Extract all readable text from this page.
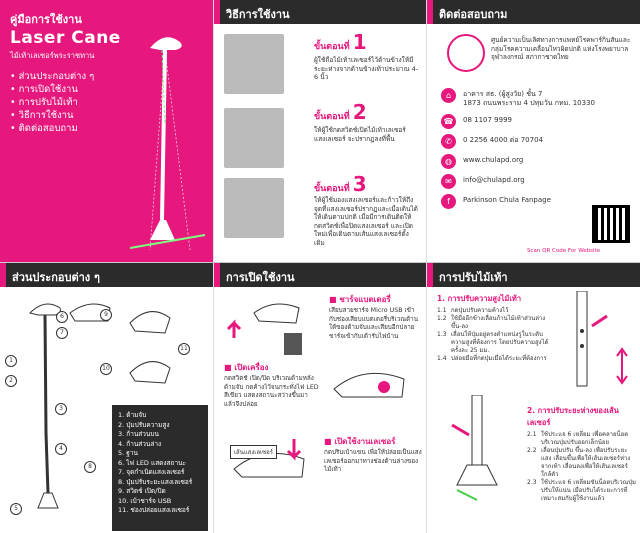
คู่มือการใช้งาน
Laser Cane
ไม้เท้าเลเซอร์พระราชทาน
• ส่วนประกอบต่าง ๆ
• การเปิดใช้งาน
• การปรับไม้เท้า
• วิธีการใช้งาน
• ติดต่อสอบถาม
วิธีการใช้งาน
ขั้นตอนที่ 1
ผู้ใช้ถือไม้เท้าเลเซอร์ไว้ด้านข้างให้มีระยะห่างจากด้านข้างเท้าประมาณ 4-6 นิ้ว
ขั้นตอนที่ 2
ให้ผู้ใช้กดสวิตช์เปิดไม้เท้าเลเซอร์ แสงเลเซอร์ จะปรากฏลงที่พื้น
ขั้นตอนที่ 3
ให้ผู้ใช้มองแสงเลเซอร์และก้าวให้ถึงจุดที่แสงเลเซอร์ปรากฏและเมื่อเดินได้ ให้เดินตามปกติ เมื่อมีการเดินติดให้กดสวิตช์เพื่อปิดแสงเลเซอร์ และเปิดใหม่เพื่อเดินตามเส้นแสงเลเซอร์ตั้งเดิม
ติดต่อสอบถาม
ศูนย์ความเป็นเลิศทางการแพทย์โรคพาร์กินสันและกลุ่มโรคความเคลื่อนไหวผิดปกติ แห่งโรงพยาบาลจุฬาลงกรณ์ สภากาชาดไทย
⌂	อาคาร สธ. (ผู้สูงวัย) ชั้น 7
1873 ถนนพระราม 4 ปทุมวัน กทม. 10330
☎	08 1107 9999
✆	0 2256 4000 ต่อ 70704
◍	www.chulapd.org
✉	info@chulapd.org
f	Parkinson Chula Fanpage
Scan QR Code For Website
ส่วนประกอบต่าง ๆ
6
7
9
10
11
1
2
3
4
8
5
1. ด้ามจับ
2. ปุ่มปรับความสูง
3. ก้านส่วนบน
4. ก้านส่วนล่าง
5. ฐาน
6. ไฟ LED แสดงสถานะ
7. จุดกำเนิดแสงเลเซอร์
8. ปุ่มปรับระยะแสงเลเซอร์
9. สวิตช์ เปิด/ปิด
10. เบ้าชาร์จ USB
11. ช่องปล่อยแสงเลเซอร์
การเปิดใช้งาน
■ ชาร์จแบตเตอรี่
เสียบสายชาร์จ Micro USB เข้ากับช่องเสียบแบตเตอรี่บริเวณด้านใต้ของด้ามจับและเสียบอีกปลายชาร์จเข้ากับเต้ารับไฟบ้าน
■ เปิดเครื่อง
กดสวิตช์ เปิด/ปิด บริเวณด้ามหลังด้ามจับ กดค้างไว้จนกระทั่งไฟ LED สีเขียว แสดงสถานะสว่างขึ้นมา แล้วจึงปล่อย
■ เปิดใช้งานเลเซอร์
กดปริบเบ้าแขน เพื่อให้ปล่อยเป็นแสงเลเซอร์ออกมาทางช่องด้านล่างของไม้เท้า
เส้นแสงเลเซอร์
การปรับไม้เท้า
1. การปรับความสูงไม้เท้า
1.1 กดปุ่มปรับความค้างไว้
1.2 ใช้มืออีกข้างเลื่อนก้านไม้เท้าส่วนล่างขึ้น-ลง
1.3 เลื่อนให้ปุ่มอยู่ตรงตำแหน่งรูในระดับความสูงที่ต้องการ โดยปรับความสูงได้ครั้งละ 25 มม.
1.4 ปล่อยมือที่กดปุ่มเมื่อได้ระยะที่ต้องการ
2. การปรับระยะห่างของเส้นเลเซอร์
2.1 ใช้ประแจ 6 เหลี่ยม เพื่อคลายน็อต บริเวณปุ่มปรับออกเล็กน้อย
2.2 เลื่อนปุ่มปรับ ขึ้น-ลง เพื่อปรับระยะแสง เลื่อนขึ้นเพื่อให้เส้นเลเซอร์ห่างจากเท้า เลื่อนลงเพื่อให้เส้นเลเซอร์ใกล้ตัว
2.3 ใช้ประแจ 6 เหลี่ยมขันน็อตบริเวณปุ่มปรับให้แน่น เมื่อปรับได้ระยะการที่เหมาะสมกับผู้ใช้งานแล้ว
